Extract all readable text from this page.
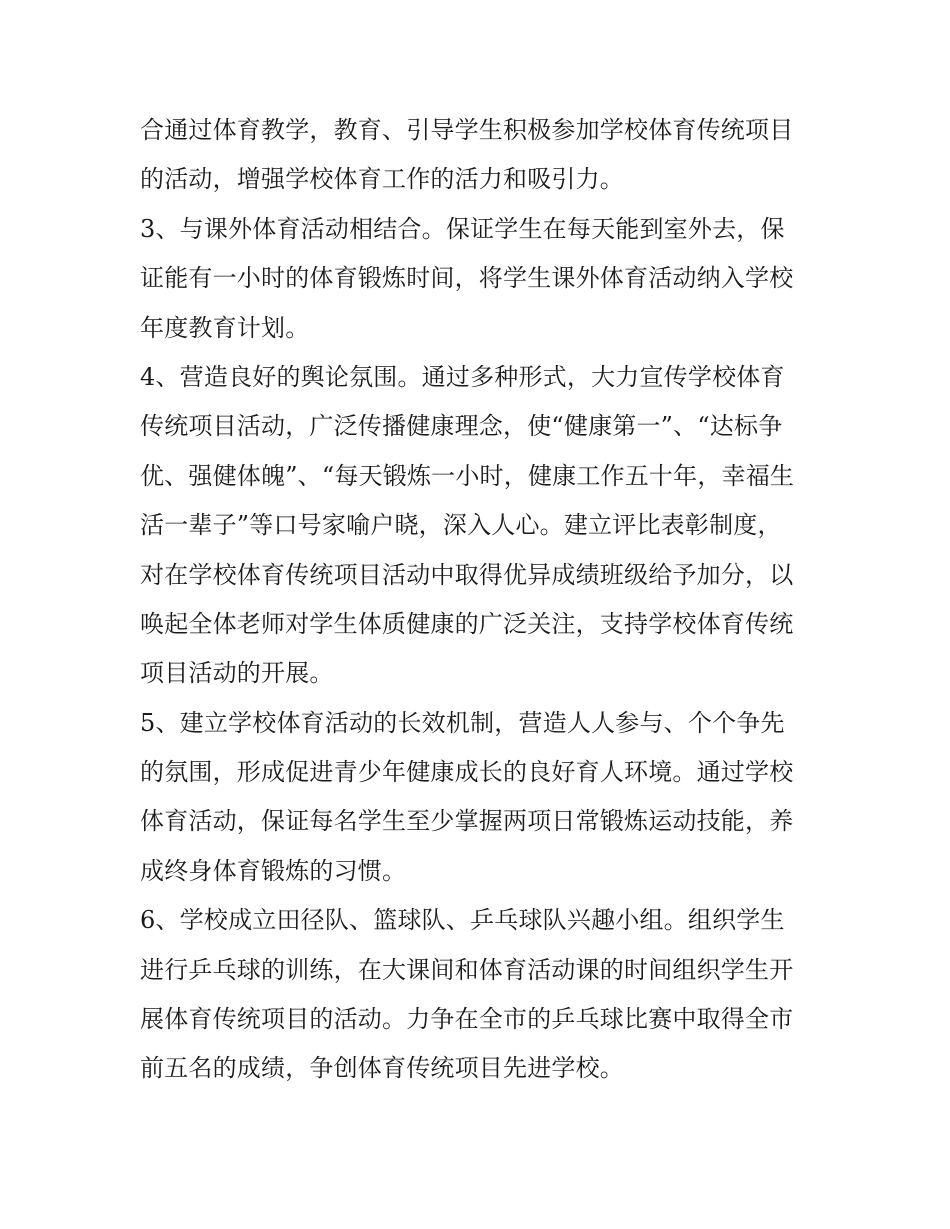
合通过体育教学，教育、引导学生积极参加学校体育传统项目
的活动，增强学校体育工作的活力和吸引力。
3、与课外体育活动相结合。保证学生在每天能到室外去，保
证能有一小时的体育锻炼时间，将学生课外体育活动纳入学校
年度教育计划。
4、营造良好的舆论氛围。通过多种形式，大力宣传学校体育
传统项目活动，广泛传播健康理念，使“健康第一”、“达标争
优、强健体魄”、“每天锻炼一小时，健康工作五十年，幸福生
活一辈子”等口号家喻户晓，深入人心。建立评比表彰制度，
对在学校体育传统项目活动中取得优异成绩班级给予加分，以
唤起全体老师对学生体质健康的广泛关注，支持学校体育传统
项目活动的开展。
5、建立学校体育活动的长效机制，营造人人参与、个个争先
的氛围，形成促进青少年健康成长的良好育人环境。通过学校
体育活动，保证每名学生至少掌握两项日常锻炼运动技能，养
成终身体育锻炼的习惯。
6、学校成立田径队、篮球队、乒乓球队兴趣小组。组织学生
进行乒乓球的训练，在大课间和体育活动课的时间组织学生开
展体育传统项目的活动。力争在全市的乒乓球比赛中取得全市
前五名的成绩，争创体育传统项目先进学校。
